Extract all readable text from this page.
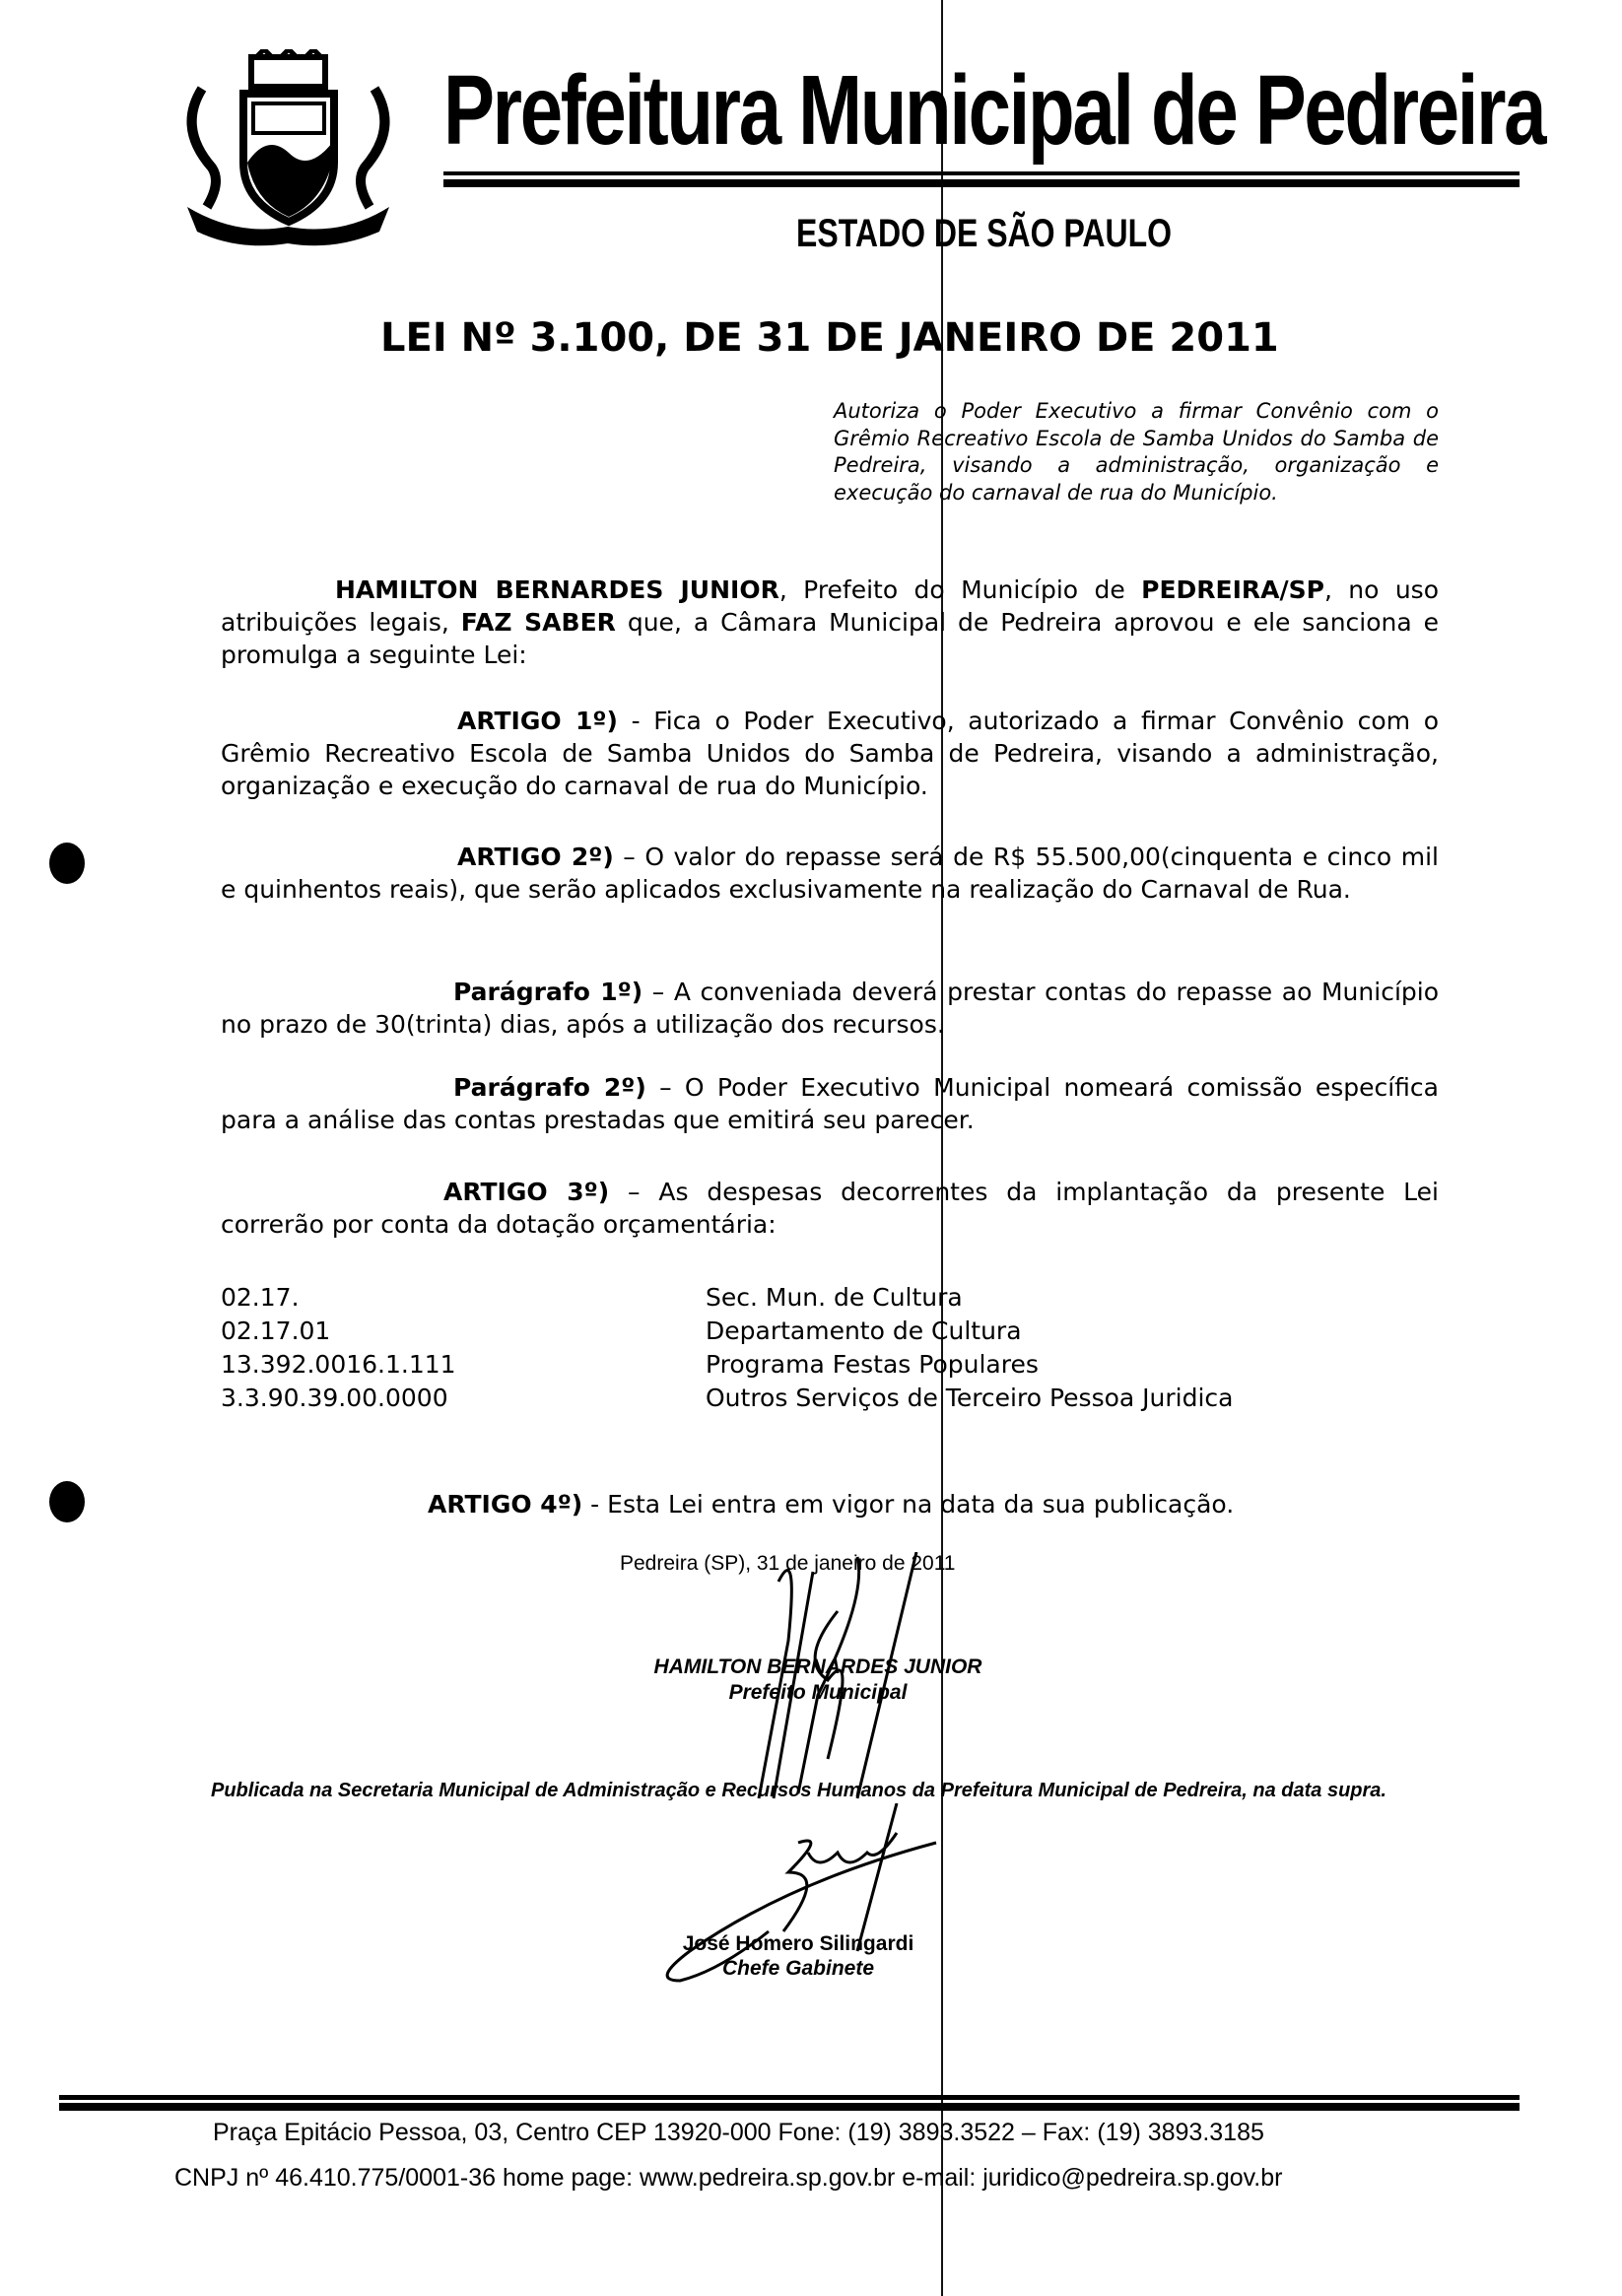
Prefeitura Municipal de Pedreira
ESTADO DE SÃO PAULO
LEI Nº 3.100, DE 31 DE JANEIRO DE 2011
Autoriza o Poder Executivo a firmar Convênio com o Grêmio Recreativo Escola de Samba Unidos do Samba de Pedreira, visando a administração, organização e execução do carnaval de rua do Município.
HAMILTON BERNARDES JUNIOR, Prefeito do Município de PEDREIRA/SP, no uso atribuições legais, FAZ SABER que, a Câmara Municipal de Pedreira aprovou e ele sanciona e promulga a seguinte Lei:
ARTIGO 1º) - Fica o Poder Executivo, autorizado a firmar Convênio com o Grêmio Recreativo Escola de Samba Unidos do Samba de Pedreira, visando a administração, organização e execução do carnaval de rua do Município.
ARTIGO 2º) – O valor do repasse será de R$ 55.500,00(cinquenta e cinco mil e quinhentos reais), que serão aplicados exclusivamente na realização do Carnaval de Rua.
Parágrafo 1º) – A conveniada deverá prestar contas do repasse ao Município no prazo de 30(trinta) dias, após a utilização dos recursos.
Parágrafo 2º) – O Poder Executivo Municipal nomeará comissão específica para a análise das contas prestadas que emitirá seu parecer.
ARTIGO 3º) – As despesas decorrentes da implantação da presente Lei correrão por conta da dotação orçamentária:
02.17.	Sec. Mun. de Cultura
02.17.01	Departamento de Cultura
13.392.0016.1.111	Programa Festas Populares
3.3.90.39.00.0000	Outros Serviços de Terceiro Pessoa Juridica
ARTIGO 4º) - Esta Lei entra em vigor na data da sua publicação.
Pedreira (SP), 31 de janeiro de 2011
HAMILTON BERNARDES JUNIOR
Prefeito Municipal
Publicada na Secretaria Municipal de Administração e Recursos Humanos da Prefeitura Municipal de Pedreira, na data supra.
José Homero Silingardi
Chefe Gabinete
Praça Epitácio Pessoa, 03, Centro CEP 13920-000 Fone: (19) 3893.3522 – Fax: (19) 3893.3185
CNPJ nº 46.410.775/0001-36 home page: www.pedreira.sp.gov.br e-mail: juridico@pedreira.sp.gov.br
